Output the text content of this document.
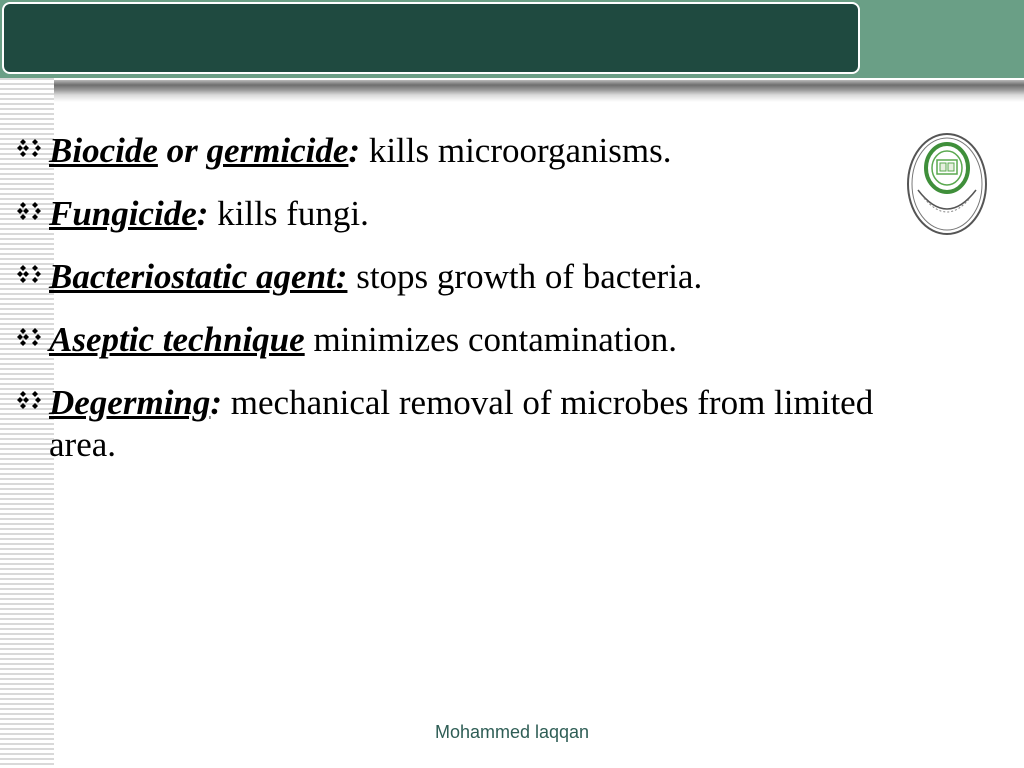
Biocide or germicide: kills microorganisms.
Fungicide: kills fungi.
Bacteriostatic agent: stops growth of bacteria.
Aseptic technique minimizes contamination.
Degerming: mechanical removal of microbes from limited area.
Mohammed laqqan
